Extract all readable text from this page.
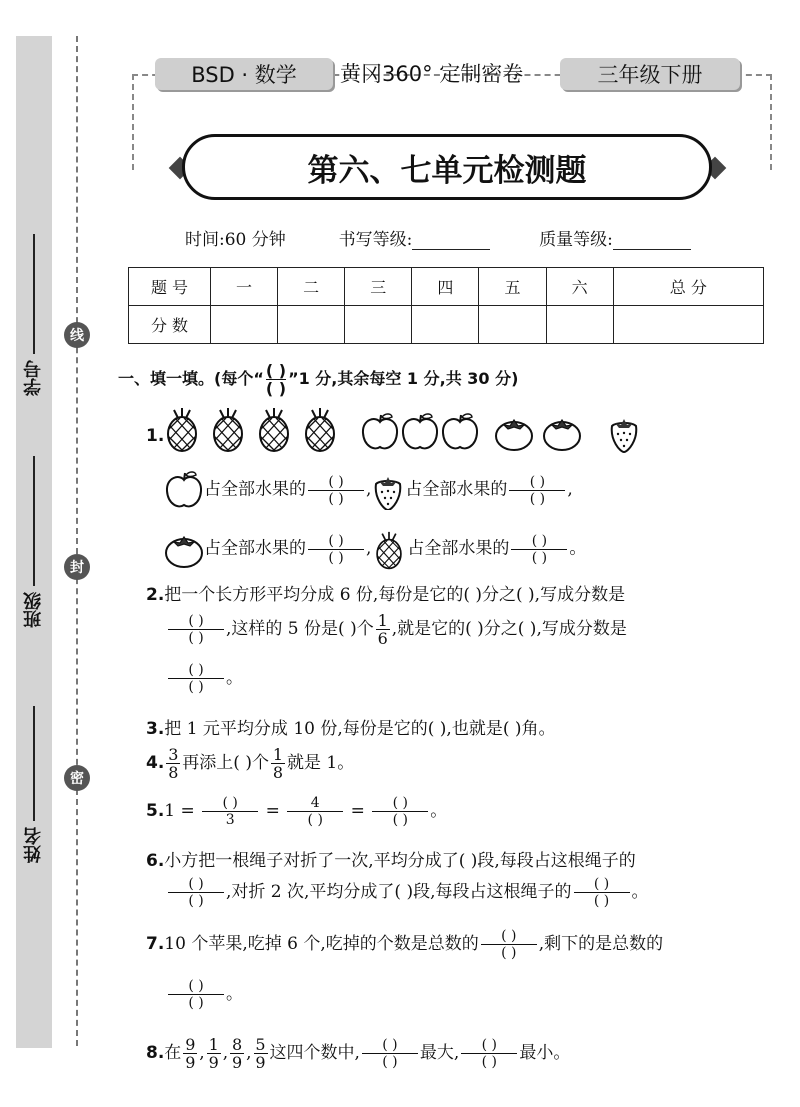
学号
班级
姓名
线
封
密
BSD · 数学	黄冈360° 定制密卷	三年级下册
第六、七单元检测题
时间:60 分钟	书写等级:	质量等级:
题 号	一	二	三	四	五	六	总 分
分 数							
一、填一填。(每个“ $\frac{( )}{( )}$ ”1 分,其余每空 1 分,共 30 分)
1.
占全部水果的 $\frac{( )}{( )}$ , 占全部水果的 $\frac{( )}{( )}$ ,
占全部水果的 $\frac{( )}{( )}$ , 占全部水果的 $\frac{( )}{( )}$ 。
2.把一个长方形平均分成 6 份,每份是它的( )分之( ),写成分数是
$\frac{( )}{( )}$ ,这样的 5 份是( )个 $\frac{1}{6}$ ,就是它的( )分之( ),写成分数是
$\frac{( )}{( )}$ 。
3.把 1 元平均分成 10 份,每份是它的( ),也就是( )角。
4. $\frac{3}{8}$ 再添上( )个 $\frac{1}{8}$ 就是 1。
$5.1 = \frac{( )}{3} = \frac{4}{( )} = \frac{( )}{( )}$ 。
6.小方把一根绳子对折了一次,平均分成了( )段,每段占这根绳子的
$\frac{( )}{( )}$ ,对折 2 次,平均分成了( )段,每段占这根绳子的 $\frac{( )}{( )}$ 。
7.10 个苹果,吃掉 6 个,吃掉的个数是总数的 $\frac{( )}{( )}$ ,剩下的是总数的
$\frac{( )}{( )}$ 。
8.在 $\frac{9}{9}$ , $\frac{1}{9}$ , $\frac{8}{9}$ , $\frac{5}{9}$ 这四个数中, $\frac{( )}{( )}$ 最大, $\frac{( )}{( )}$ 最小。
